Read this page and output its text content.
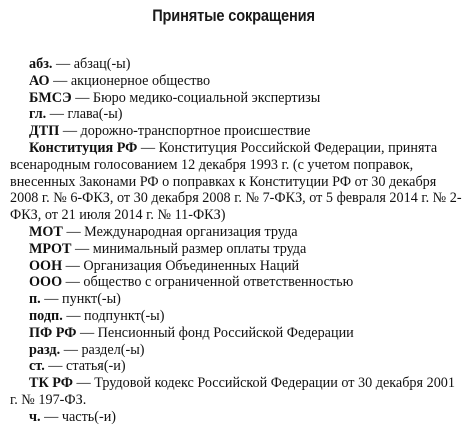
Принятые сокращения

абз. — абзац(-ы)

АО — акционерное общество

БМСЭ — Бюро медико-социальной экспертизы

гл. — глава(-ы)

ДТП — дорожно-транспортное происшествие

Конституция РФ — Конституция Российской Федерации, принята всенародным голосованием 12 декабря 1993 г. (с учетом поправок, внесенных Законами РФ о поправках к Конституции РФ от 30 декабря 2008 г. № 6-ФКЗ, от 30 декабря 2008 г. № 7-ФКЗ, от 5 февраля 2014 г. № 2-ФКЗ, от 21 июля 2014 г. № 11-ФКЗ)

МОТ — Международная организация труда

МРОТ — минимальный размер оплаты труда

ООН — Организация Объединенных Наций

ООО — общество с ограниченной ответственностью

п. — пункт(-ы)

подп. — подпункт(-ы)

ПФ РФ — Пенсионный фонд Российской Федерации

разд. — раздел(-ы)

ст. — статья(-и)

ТК РФ — Трудовой кодекс Российской Федерации от 30 декабря 2001 г. № 197-ФЗ.

ч. — часть(-и)
